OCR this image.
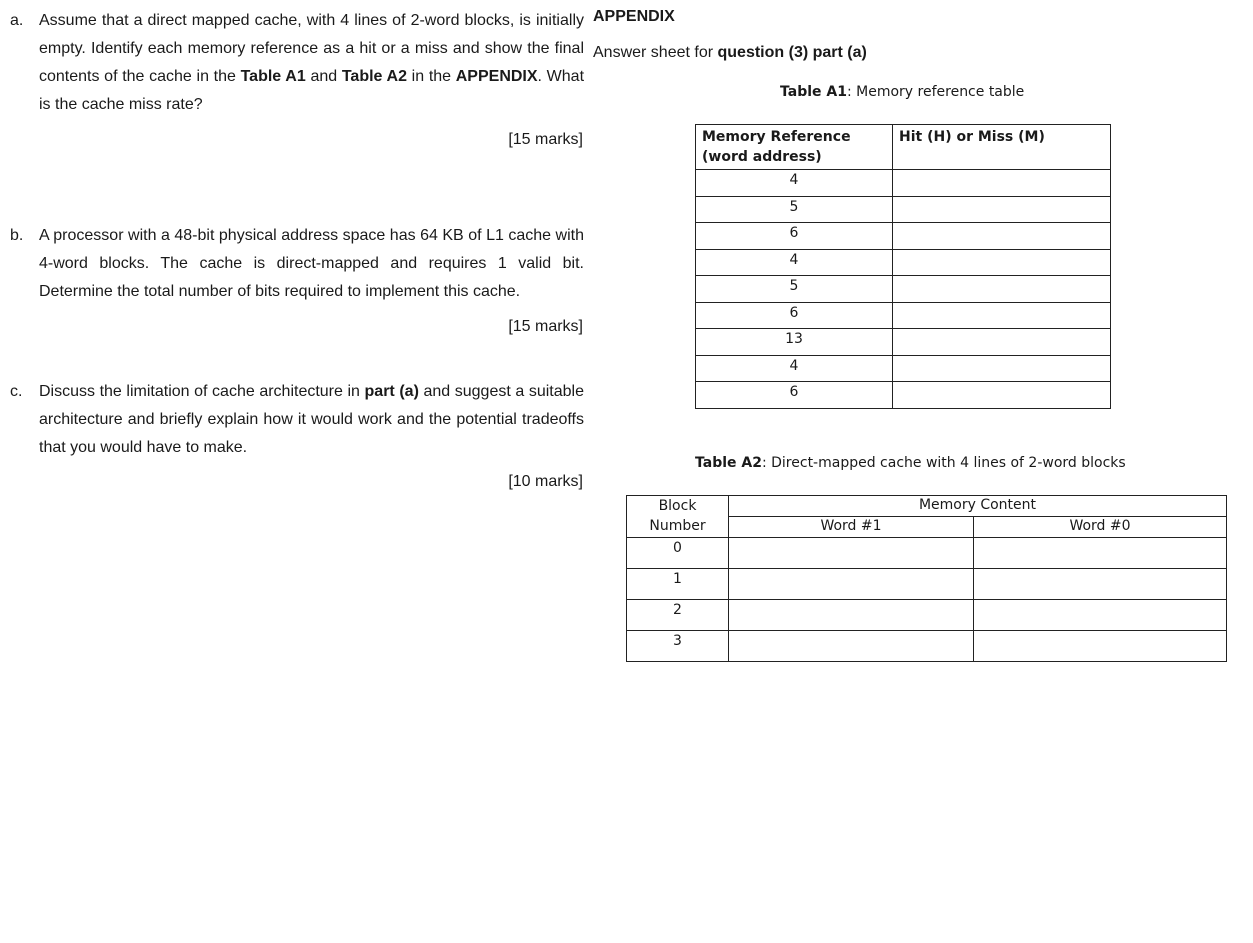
a. Assume that a direct mapped cache, with 4 lines of 2-word blocks, is initially empty. Identify each memory reference as a hit or a miss and show the final contents of the cache in the Table A1 and Table A2 in the APPENDIX. What is the cache miss rate?
[15 marks]
b. A processor with a 48-bit physical address space has 64 KB of L1 cache with 4-word blocks. The cache is direct-mapped and requires 1 valid bit. Determine the total number of bits required to implement this cache.
[15 marks]
c. Discuss the limitation of cache architecture in part (a) and suggest a suitable architecture and briefly explain how it would work and the potential tradeoffs that you would have to make.
[10 marks]
APPENDIX
Answer sheet for question (3) part (a)
Table A1: Memory reference table
Memory Reference
(word address)	Hit (H) or Miss (M)
4	
5	
6	
4	
5	
6	
13	
4	
6	
Table A2: Direct-mapped cache with 4 lines of 2-word blocks
Block
Number	Memory Content	
	Word #1	Word #0
0		
1		
2		
3		
